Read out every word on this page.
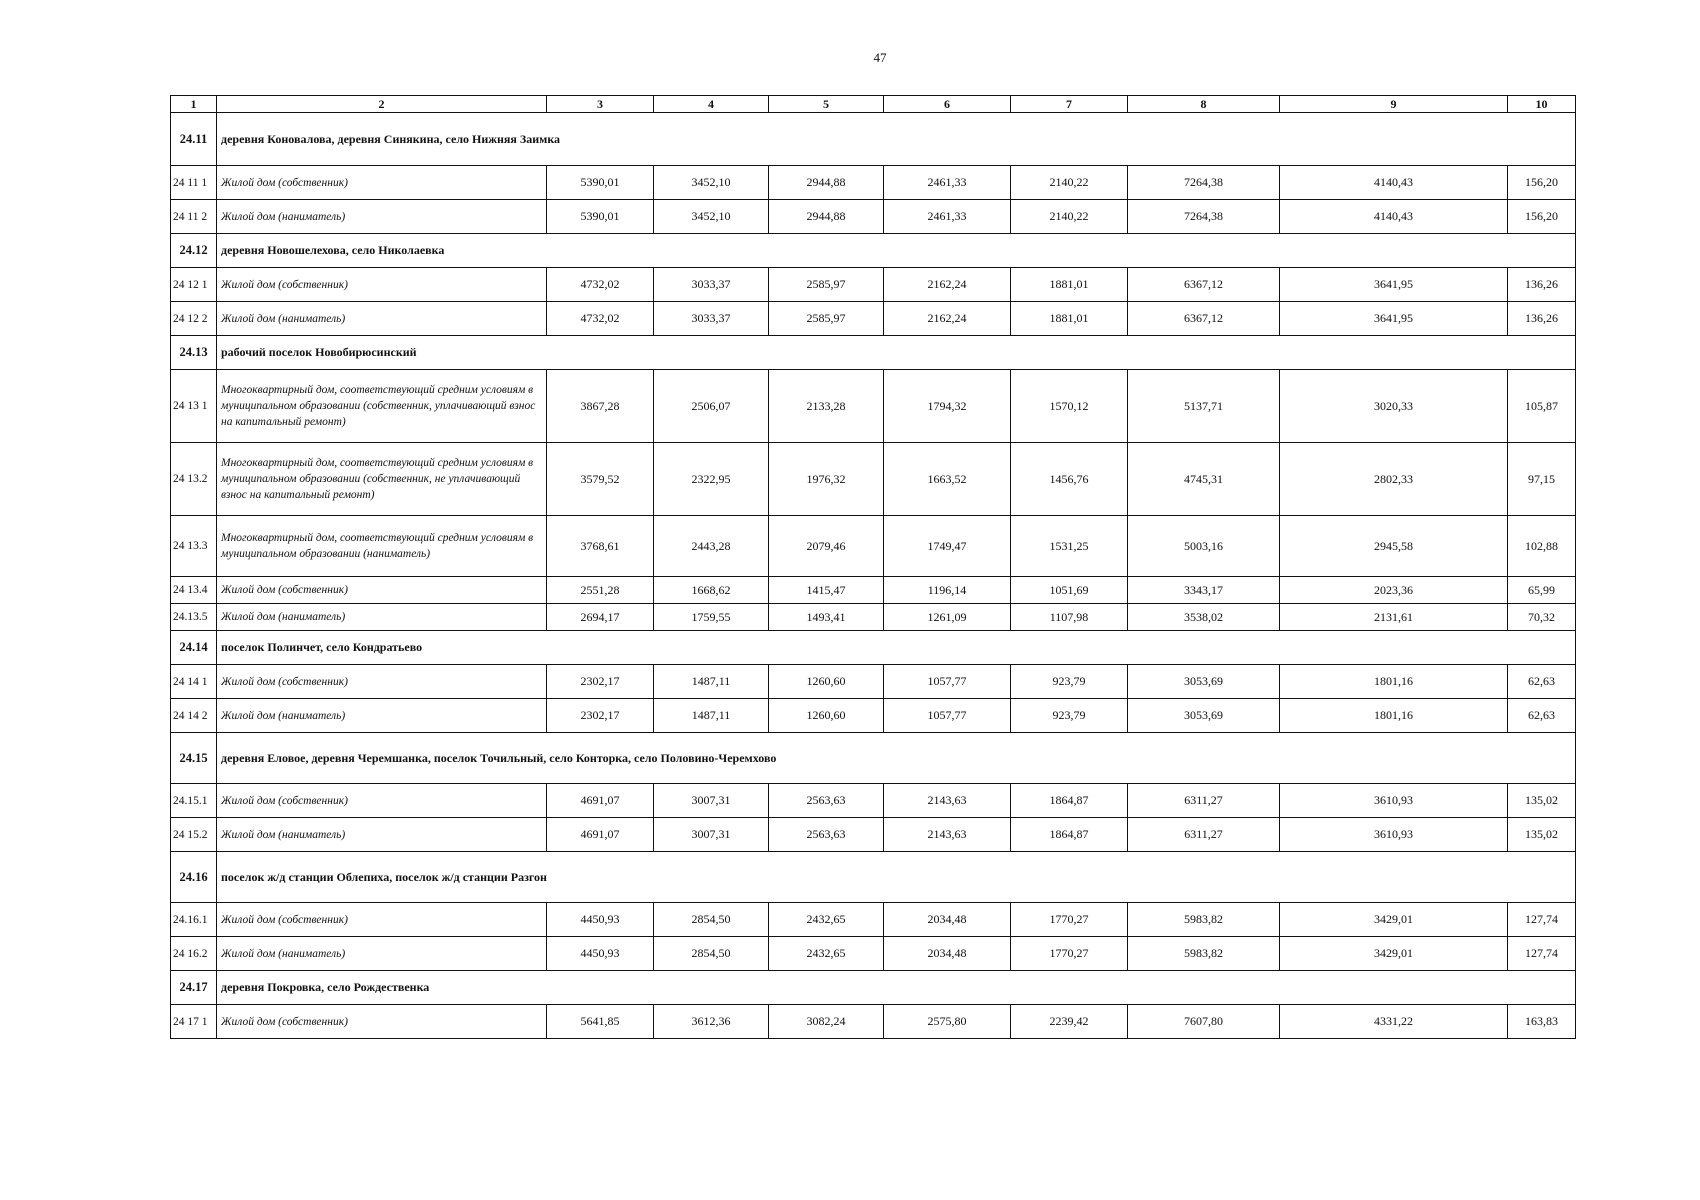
47
1	2	3	4	5	6	7	8	9	10
24.11	деревня Коновалова, деревня Синякина, село Нижняя Заимка								
24 11 1	Жилой дом (собственник)	5390,01	3452,10	2944,88	2461,33	2140,22	7264,38	4140,43	156,20
24 11 2	Жилой дом (наниматель)	5390,01	3452,10	2944,88	2461,33	2140,22	7264,38	4140,43	156,20
24.12	деревня Новошелехова, село Николаевка								
24 12 1	Жилой дом (собственник)	4732,02	3033,37	2585,97	2162,24	1881,01	6367,12	3641,95	136,26
24 12 2	Жилой дом (наниматель)	4732,02	3033,37	2585,97	2162,24	1881,01	6367,12	3641,95	136,26
24.13	рабочий поселок Новобирюсинский								
24 13 1	Многоквартирный дом, соответствующий средним условиям в муниципальном образовании (собственник, уплачивающий взнос на капитальный ремонт)	3867,28	2506,07	2133,28	1794,32	1570,12	5137,71	3020,33	105,87
24 13.2	Многоквартирный дом, соответствующий средним условиям в муниципальном образовании (собственник, не уплачивающий взнос на капитальный ремонт)	3579,52	2322,95	1976,32	1663,52	1456,76	4745,31	2802,33	97,15
24 13.3	Многоквартирный дом, соответствующий средним условиям в муниципальном образовании (наниматель)	3768,61	2443,28	2079,46	1749,47	1531,25	5003,16	2945,58	102,88
24 13.4	Жилой дом (собственник)	2551,28	1668,62	1415,47	1196,14	1051,69	3343,17	2023,36	65,99
24.13.5	Жилой дом (наниматель)	2694,17	1759,55	1493,41	1261,09	1107,98	3538,02	2131,61	70,32
24.14	поселок Полинчет, село Кондратьево								
24 14 1	Жилой дом (собственник)	2302,17	1487,11	1260,60	1057,77	923,79	3053,69	1801,16	62,63
24 14 2	Жилой дом (наниматель)	2302,17	1487,11	1260,60	1057,77	923,79	3053,69	1801,16	62,63
24.15	деревня Еловое, деревня Черемшанка, поселок Точильный, село Конторка, село Половино-Черемхово								
24.15.1	Жилой дом (собственник)	4691,07	3007,31	2563,63	2143,63	1864,87	6311,27	3610,93	135,02
24 15.2	Жилой дом (наниматель)	4691,07	3007,31	2563,63	2143,63	1864,87	6311,27	3610,93	135,02
24.16	поселок ж/д станции Облепиха, поселок ж/д станции Разгон								
24.16.1	Жилой дом (собственник)	4450,93	2854,50	2432,65	2034,48	1770,27	5983,82	3429,01	127,74
24 16.2	Жилой дом (наниматель)	4450,93	2854,50	2432,65	2034,48	1770,27	5983,82	3429,01	127,74
24.17	деревня Покровка, село Рождественка								
24 17 1	Жилой дом (собственник)	5641,85	3612,36	3082,24	2575,80	2239,42	7607,80	4331,22	163,83
